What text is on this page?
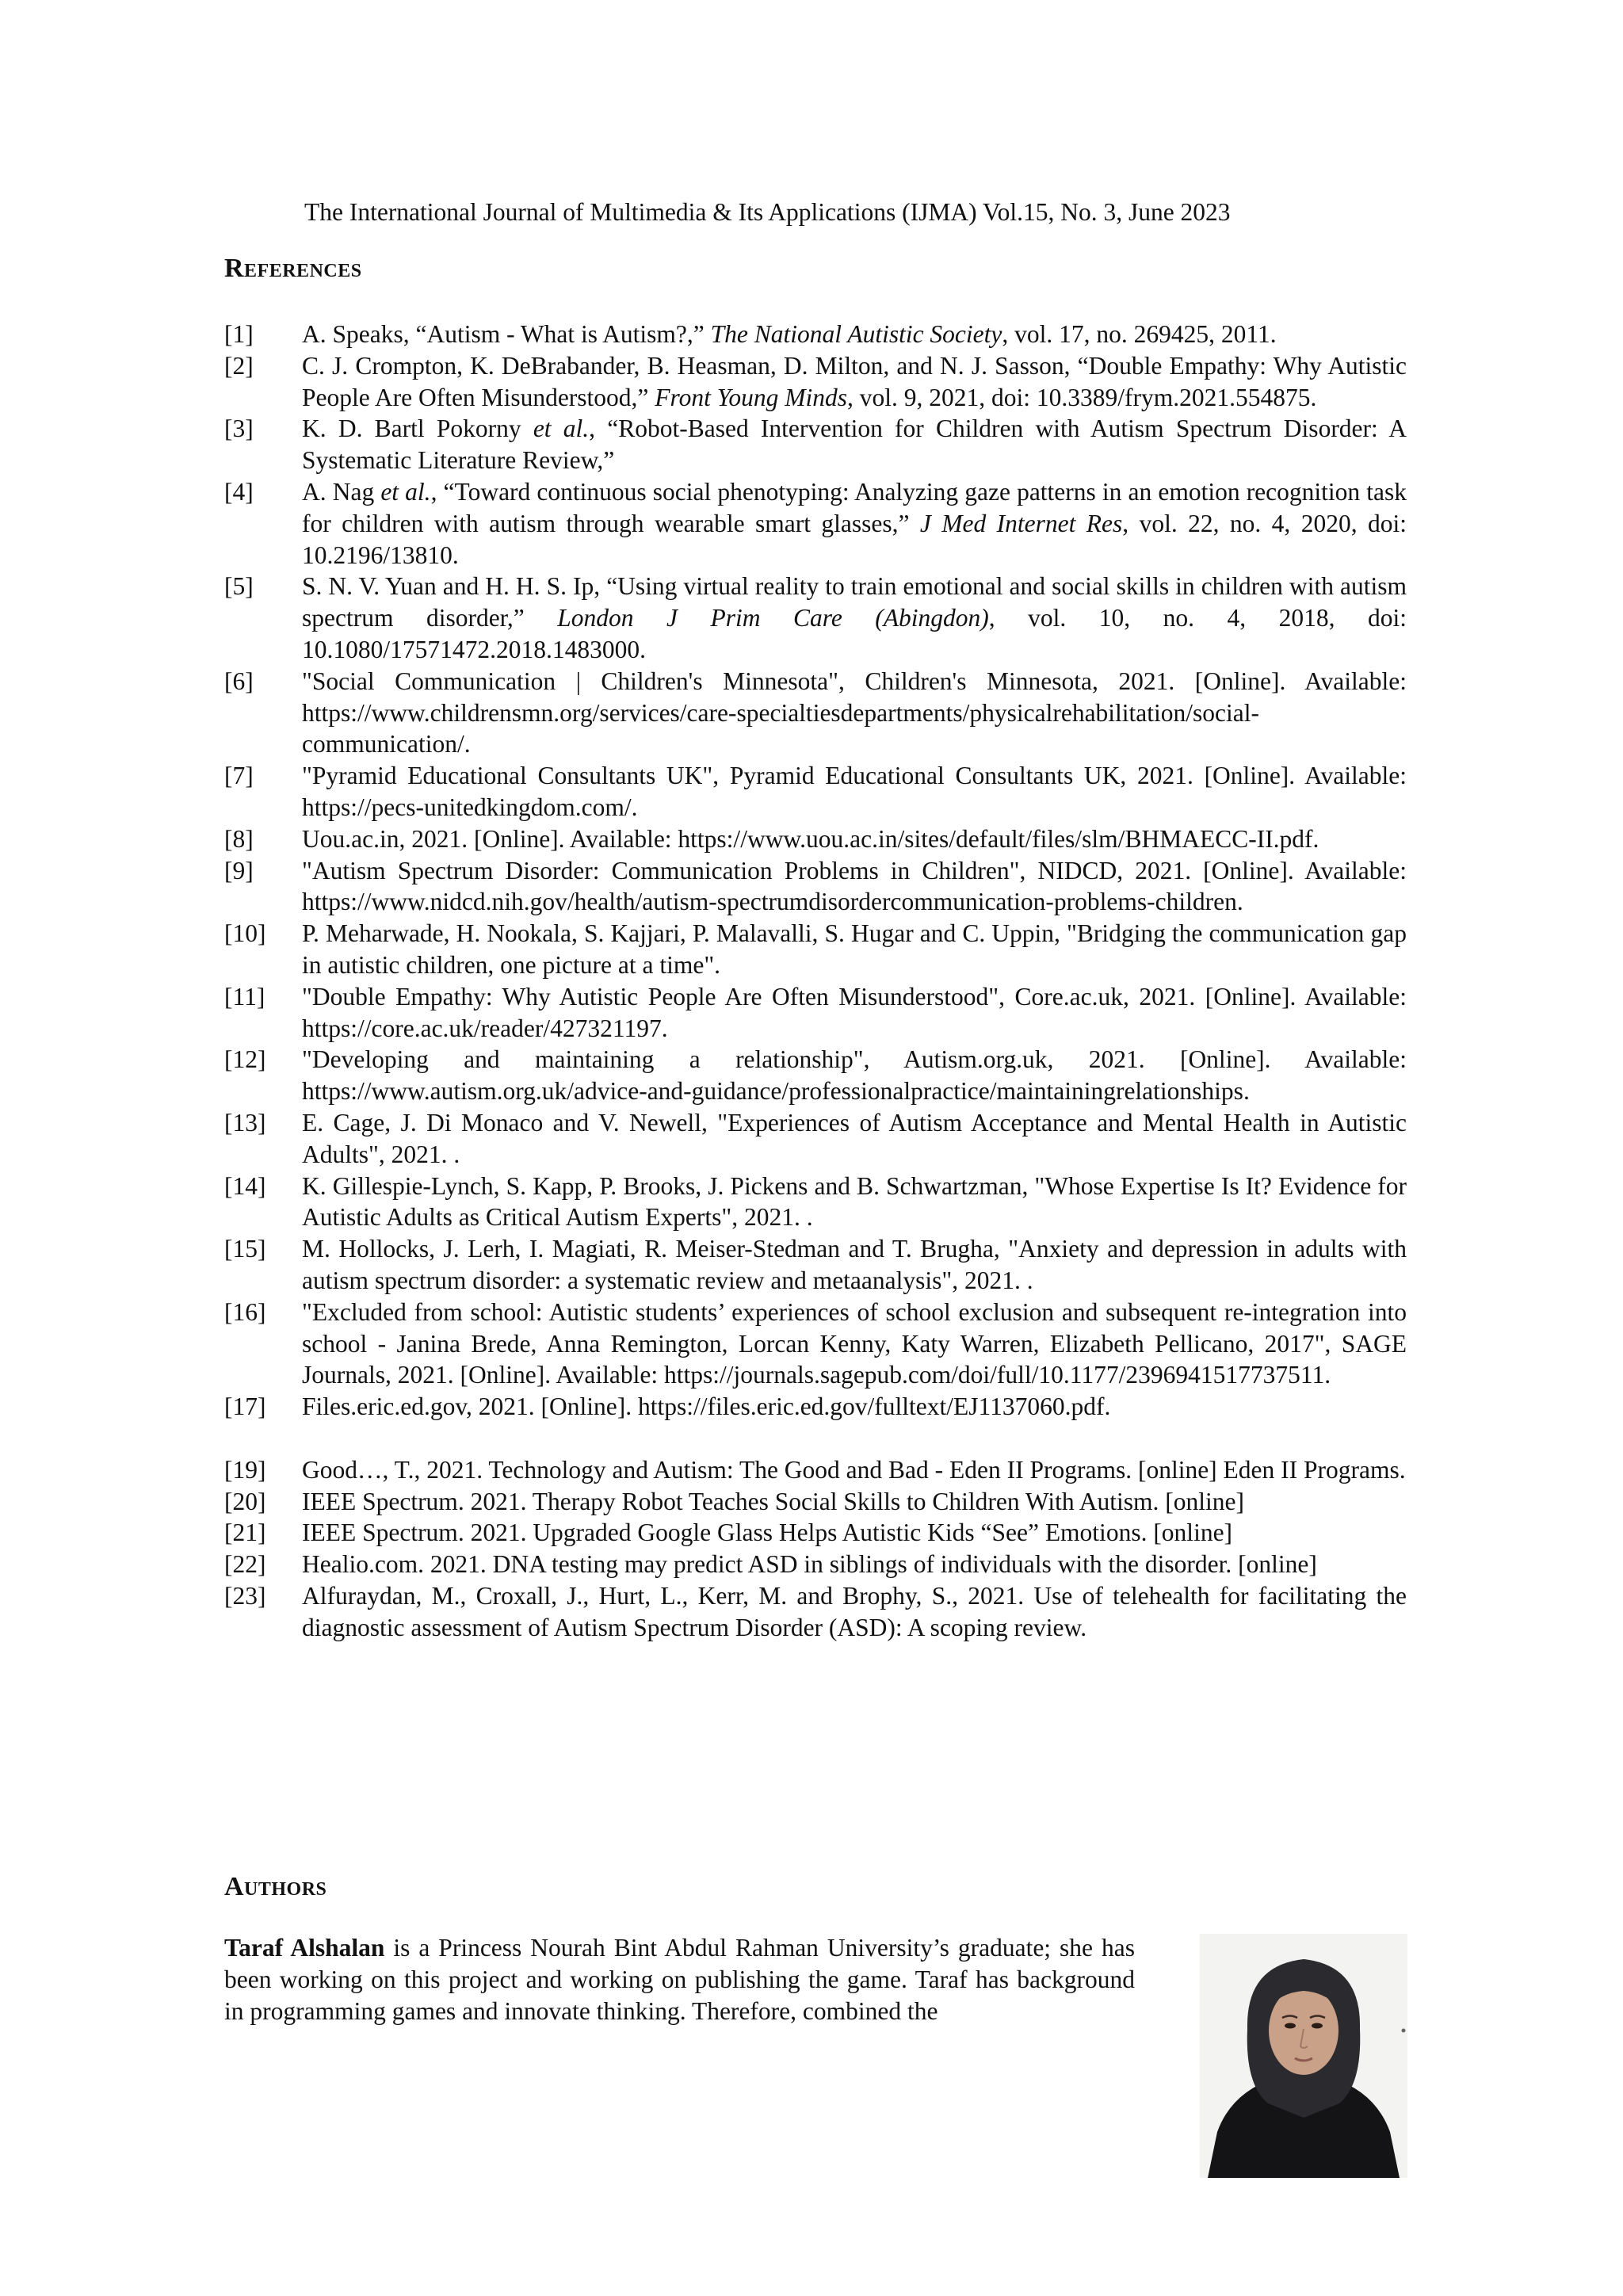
The International Journal of Multimedia & Its Applications (IJMA) Vol.15, No. 3, June 2023
References
[1] A. Speaks, “Autism - What is Autism?,” The National Autistic Society, vol. 17, no. 269425, 2011.
[2] C. J. Crompton, K. DeBrabander, B. Heasman, D. Milton, and N. J. Sasson, “Double Empathy: Why Autistic People Are Often Misunderstood,” Front Young Minds, vol. 9, 2021, doi: 10.3389/frym.2021.554875.
[3] K. D. Bartl Pokorny et al., “Robot-Based Intervention for Children with Autism Spectrum Disorder: A Systematic Literature Review,”
[4] A. Nag et al., “Toward continuous social phenotyping: Analyzing gaze patterns in an emotion recognition task for children with autism through wearable smart glasses,” J Med Internet Res, vol. 22, no. 4, 2020, doi: 10.2196/13810.
[5] S. N. V. Yuan and H. H. S. Ip, “Using virtual reality to train emotional and social skills in children with autism spectrum disorder,” London J Prim Care (Abingdon), vol. 10, no. 4, 2018, doi: 10.1080/17571472.2018.1483000.
[6] "Social Communication | Children's Minnesota", Children's Minnesota, 2021. [Online]. Available: https://www.childrensmn.org/services/care-specialtiesdepartments/physicalrehabilitation/social-communication/.
[7] "Pyramid Educational Consultants UK", Pyramid Educational Consultants UK, 2021. [Online]. Available: https://pecs-unitedkingdom.com/.
[8] Uou.ac.in, 2021. [Online]. Available: https://www.uou.ac.in/sites/default/files/slm/BHMAECC-II.pdf.
[9] "Autism Spectrum Disorder: Communication Problems in Children", NIDCD, 2021. [Online]. Available: https://www.nidcd.nih.gov/health/autism-spectrumdisordercommunication-problems-children.
[10] P. Meharwade, H. Nookala, S. Kajjari, P. Malavalli, S. Hugar and C. Uppin, "Bridging the communication gap in autistic children, one picture at a time".
[11] "Double Empathy: Why Autistic People Are Often Misunderstood", Core.ac.uk, 2021. [Online]. Available: https://core.ac.uk/reader/427321197.
[12] "Developing and maintaining a relationship", Autism.org.uk, 2021. [Online]. Available: https://www.autism.org.uk/advice-and-guidance/professionalpractice/maintainingrelationships.
[13] E. Cage, J. Di Monaco and V. Newell, "Experiences of Autism Acceptance and Mental Health in Autistic Adults", 2021. .
[14] K. Gillespie-Lynch, S. Kapp, P. Brooks, J. Pickens and B. Schwartzman, "Whose Expertise Is It? Evidence for Autistic Adults as Critical Autism Experts", 2021. .
[15] M. Hollocks, J. Lerh, I. Magiati, R. Meiser-Stedman and T. Brugha, "Anxiety and depression in adults with autism spectrum disorder: a systematic review and metaanalysis", 2021. .
[16] "Excluded from school: Autistic students’ experiences of school exclusion and subsequent re-integration into school - Janina Brede, Anna Remington, Lorcan Kenny, Katy Warren, Elizabeth Pellicano, 2017", SAGE Journals, 2021. [Online]. Available: https://journals.sagepub.com/doi/full/10.1177/2396941517737511.
[17] Files.eric.ed.gov, 2021. [Online]. https://files.eric.ed.gov/fulltext/EJ1137060.pdf.
[19] Good…, T., 2021. Technology and Autism: The Good and Bad - Eden II Programs. [online] Eden II Programs.
[20] IEEE Spectrum. 2021. Therapy Robot Teaches Social Skills to Children With Autism. [online]
[21] IEEE Spectrum. 2021. Upgraded Google Glass Helps Autistic Kids “See” Emotions. [online]
[22] Healio.com. 2021. DNA testing may predict ASD in siblings of individuals with the disorder. [online]
[23] Alfuraydan, M., Croxall, J., Hurt, L., Kerr, M. and Brophy, S., 2021. Use of telehealth for facilitating the diagnostic assessment of Autism Spectrum Disorder (ASD): A scoping review.
Authors
Taraf Alshalan is a Princess Nourah Bint Abdul Rahman University’s graduate; she has been working on this project and working on publishing the game. Taraf has background in programming games and innovate thinking. Therefore, combined the
